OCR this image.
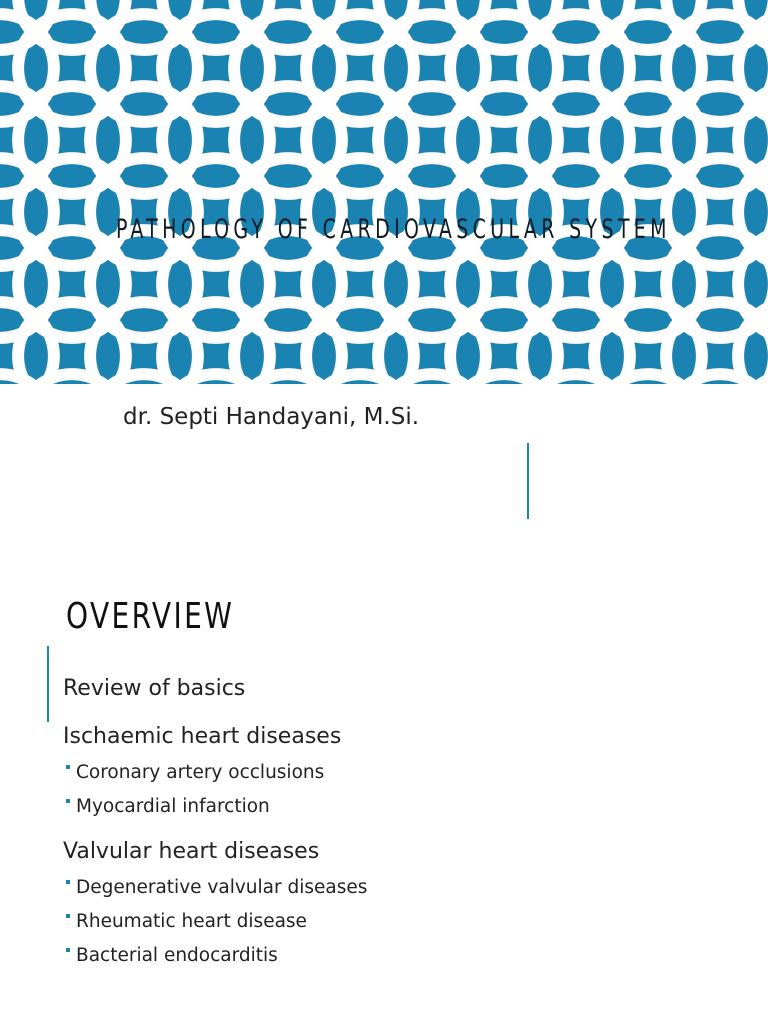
PATHOLOGY OF CARDIOVASCULAR SYSTEM
dr. Septi Handayani, M.Si.
OVERVIEW
Review of basics
Ischaemic heart diseases
Coronary artery occlusions
Myocardial infarction
Valvular heart diseases
Degenerative valvular diseases
Rheumatic heart disease
Bacterial endocarditis
